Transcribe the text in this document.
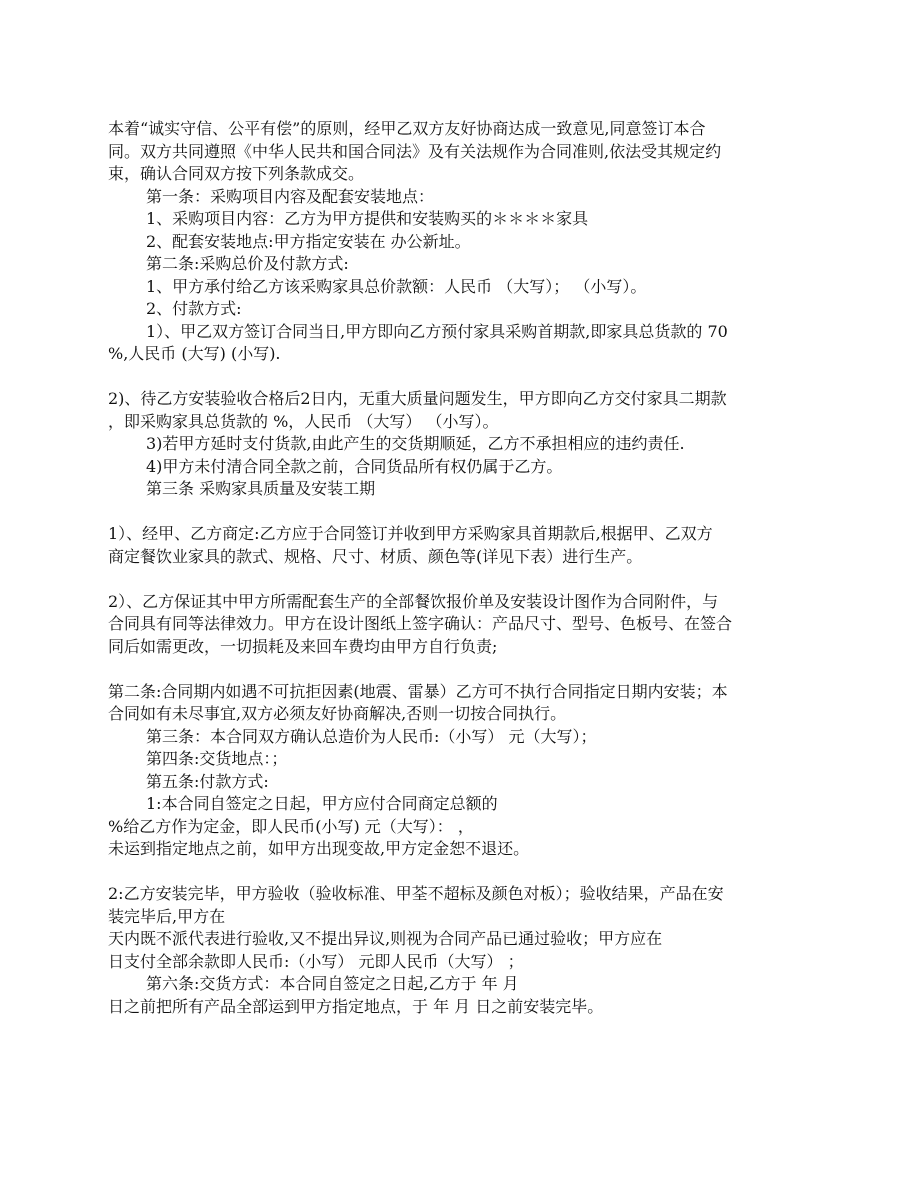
本着“诚实守信、公平有偿”的原则，经甲乙双方友好协商达成一致意见,同意签订本合
同。双方共同遵照《中华人民共和国合同法》及有关法规作为合同准则,依法受其规定约
束，确认合同双方按下列条款成交。
第一条：采购项目内容及配套安装地点：
1、采购项目内容：乙方为甲方提供和安装购买的＊＊＊＊家具
2、配套安装地点:甲方指定安装在 办公新址。
第二条:采购总价及付款方式:
1、甲方承付给乙方该采购家具总价款额：人民币 （大写）； （小写）。
2、付款方式:
1）、甲乙双方签订合同当日,甲方即向乙方预付家具采购首期款,即家具总货款的 70
%,人民币 (大写) (小写).
2)、待乙方安装验收合格后2日内，无重大质量问题发生，甲方即向乙方交付家具二期款
，即采购家具总货款的 %，人民币 （大写） （小写）。
3)若甲方延时支付货款,由此产生的交货期顺延，乙方不承担相应的违约责任.
4)甲方未付清合同全款之前，合同货品所有权仍属于乙方。
第三条 采购家具质量及安装工期
1）、经甲、乙方商定:乙方应于合同签订并收到甲方采购家具首期款后,根据甲、乙双方
商定餐饮业家具的款式、规格、尺寸、材质、颜色等(详见下表）进行生产。
2）、乙方保证其中甲方所需配套生产的全部餐饮报价单及安装设计图作为合同附件，与
合同具有同等法律效力。甲方在设计图纸上签字确认：产品尺寸、型号、色板号、在签合
同后如需更改，一切损耗及来回车费均由甲方自行负责;
第二条:合同期内如遇不可抗拒因素(地震、雷暴）乙方可不执行合同指定日期内安装；本
合同如有未尽事宜,双方必须友好协商解决,否则一切按合同执行。
第三条：本合同双方确认总造价为人民币:（小写） 元（大写）；
第四条:交货地点：；
第五条:付款方式:
1:本合同自签定之日起，甲方应付合同商定总额的
%给乙方作为定金，即人民币(小写) 元（大写）： ，
未运到指定地点之前，如甲方出现变故,甲方定金恕不退还。
2:乙方安装完毕，甲方验收（验收标准、甲荃不超标及颜色对板）；验收结果，产品在安
装完毕后,甲方在
天内既不派代表进行验收,又不提出异议,则视为合同产品已通过验收；甲方应在
日支付全部余款即人民币:（小写） 元即人民币（大写） ；
第六条:交货方式：本合同自签定之日起,乙方于 年 月
日之前把所有产品全部运到甲方指定地点，于 年 月 日之前安装完毕。
